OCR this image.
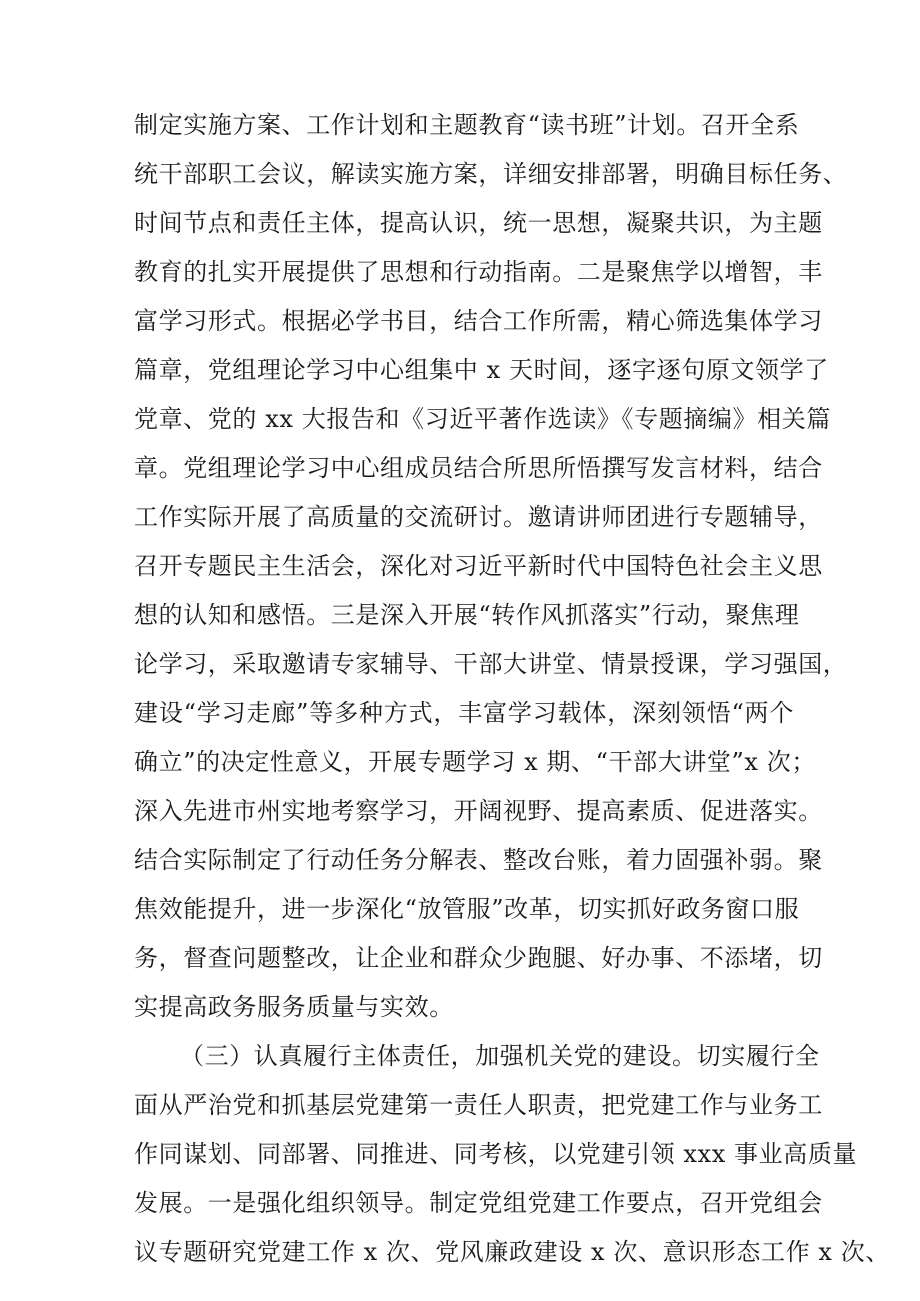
制定实施方案、工作计划和主题教育“读书班”计划。召开全系
统干部职工会议，解读实施方案，详细安排部署，明确目标任务、
时间节点和责任主体，提高认识，统一思想，凝聚共识，为主题
教育的扎实开展提供了思想和行动指南。二是聚焦学以增智，丰
富学习形式。根据必学书目，结合工作所需，精心筛选集体学习
篇章，党组理论学习中心组集中 x 天时间，逐字逐句原文领学了
党章、党的 xx 大报告和《习近平著作选读》《专题摘编》相关篇
章。党组理论学习中心组成员结合所思所悟撰写发言材料，结合
工作实际开展了高质量的交流研讨。邀请讲师团进行专题辅导，
召开专题民主生活会，深化对习近平新时代中国特色社会主义思
想的认知和感悟。三是深入开展“转作风抓落实”行动，聚焦理
论学习，采取邀请专家辅导、干部大讲堂、情景授课，学习强国，
建设“学习走廊”等多种方式，丰富学习载体，深刻领悟“两个
确立”的决定性意义，开展专题学习 x 期、“干部大讲堂”x 次；
深入先进市州实地考察学习，开阔视野、提高素质、促进落实。
结合实际制定了行动任务分解表、整改台账，着力固强补弱。聚
焦效能提升，进一步深化“放管服”改革，切实抓好政务窗口服
务，督查问题整改，让企业和群众少跑腿、好办事、不添堵，切
实提高政务服务质量与实效。
（三）认真履行主体责任，加强机关党的建设。切实履行全
面从严治党和抓基层党建第一责任人职责，把党建工作与业务工
作同谋划、同部署、同推进、同考核，以党建引领 xxx 事业高质量
发展。一是强化组织领导。制定党组党建工作要点，召开党组会
议专题研究党建工作 x 次、党风廉政建设 x 次、意识形态工作 x 次、
